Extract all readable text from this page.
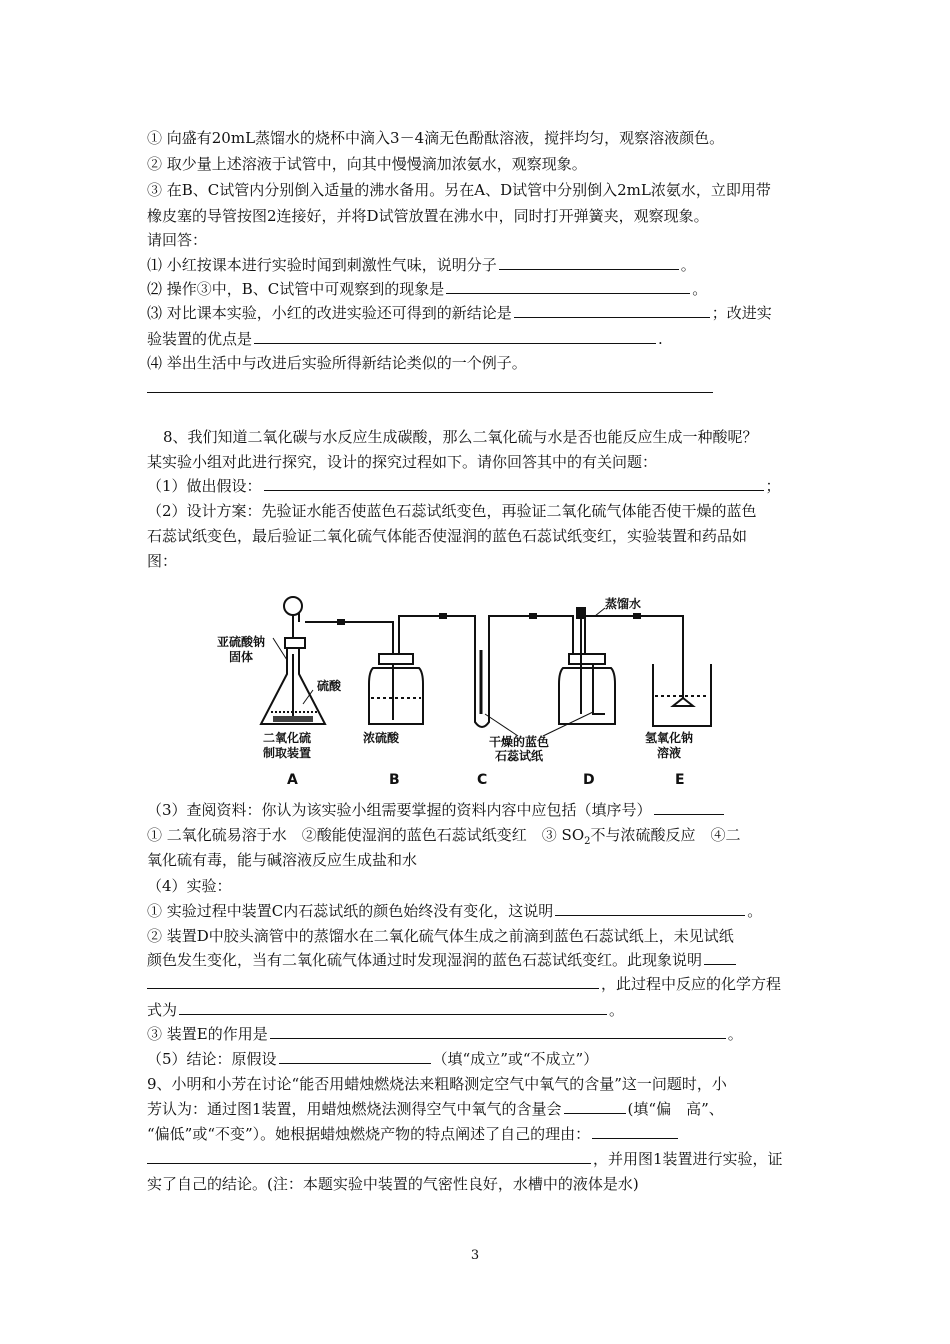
① 向盛有20mL蒸馏水的烧杯中滴入3－4滴无色酚酞溶液，搅拌均匀，观察溶液颜色。
② 取少量上述溶液于试管中，向其中慢慢滴加浓氨水，观察现象。
③ 在B、C试管内分别倒入适量的沸水备用。另在A、D试管中分别倒入2mL浓氨水，立即用带
橡皮塞的导管按图2连接好，并将D试管放置在沸水中，同时打开弹簧夹，观察现象。
请回答：
⑴ 小红按课本进行实验时闻到刺激性气味，说明分子	。
⑵ 操作③中，B、C试管中可观察到的现象是	。
⑶ 对比课本实验，小红的改进实验还可得到的新结论是	；改进实
验装置的优点是	.
⑷ 举出生活中与改进后实验所得新结论类似的一个例子。
8、我们知道二氧化碳与水反应生成碳酸，那么二氧化硫与水是否也能反应生成一种酸呢？
某实验小组对此进行探究，设计的探究过程如下。请你回答其中的有关问题：
（1）做出假设：	；
（2）设计方案：先验证水能否使蓝色石蕊试纸变色，再验证二氧化硫气体能否使干燥的蓝色
石蕊试纸变色，最后验证二氧化硫气体能否使湿润的蓝色石蕊试纸变红，实验装置和药品如
图：
亚硫酸钠
固体
硫酸
二氧化硫
制取装置
浓硫酸	干燥的蓝色
石蕊试纸
蒸馏水
氢氧化钠
溶液
A	B	C	D	E
（3）查阅资料：你认为该实验小组需要掌握的资料内容中应包括（填序号）
① 二氧化硫易溶于水　②酸能使湿润的蓝色石蕊试纸变红　③ $SO_2$不与浓硫酸反应　④二
氧化硫有毒，能与碱溶液反应生成盐和水
（4）实验：
① 实验过程中装置C内石蕊试纸的颜色始终没有变化，这说明	。
② 装置D中胶头滴管中的蒸馏水在二氧化硫气体生成之前滴到蓝色石蕊试纸上，未见试纸
颜色发生变化，当有二氧化硫气体通过时发现湿润的蓝色石蕊试纸变红。此现象说明
，此过程中反应的化学方程
式为	。
③ 装置E的作用是	。
（5）结论：原假设	（填“成立”或“不成立”）
9、小明和小芳在讨论“能否用蜡烛燃烧法来粗略测定空气中氧气的含量”这一问题时，小
芳认为：通过图1装置，用蜡烛燃烧法测得空气中氧气的含量会	(填“偏　高”、
“偏低”或“不变”）。她根据蜡烛燃烧产物的特点阐述了自己的理由：
，并用图1装置进行实验，证
实了自己的结论。(注：本题实验中装置的气密性良好，水槽中的液体是水)
3
